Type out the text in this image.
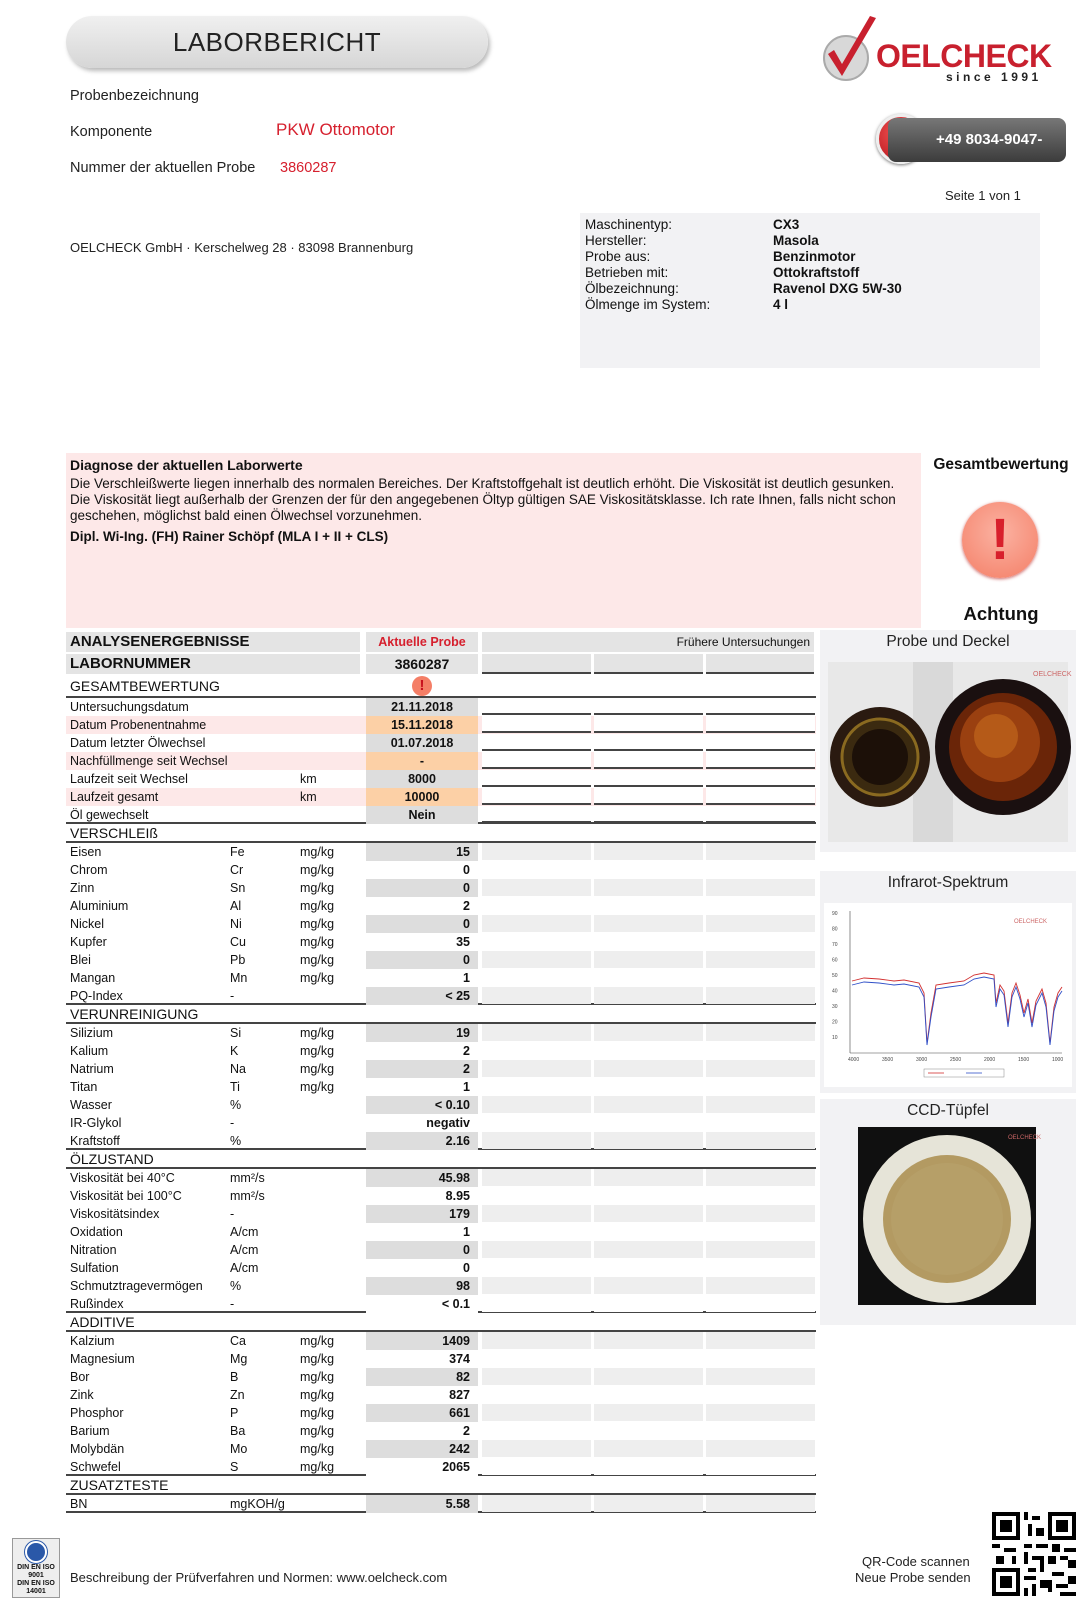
LABORBERICHT	OELCHECK
since 1991
+49 8034-9047-210
Seite 1 von 1
Probenbezeichnung
Komponente	PKW Ottomotor
Nummer der aktuellen Probe 3860287
OELCHECK GmbH · Kerschelweg 28 · 83098 Brannenburg
Maschinentyp:	CX3
Hersteller:	Masola
Probe aus:	Benzinmotor
Betrieben mit:	Ottokraftstoff
Ölbezeichnung:	Ravenol DXG 5W-30
Ölmenge im System:	4 l
Diagnose der aktuellen Laborwerte
Die Verschleißwerte liegen innerhalb des normalen Bereiches. Der Kraftstoffgehalt ist deutlich erhöht. Die Viskosität ist deutlich gesunken. Die Viskosität liegt außerhalb der Grenzen der für den angegebenen Öltyp gültigen SAE Viskositätsklasse. Ich rate Ihnen, falls nicht schon geschehen, möglichst bald einen Ölwechsel vorzunehmen.
Dipl. Wi-Ing. (FH) Rainer Schöpf (MLA I + II + CLS)
Gesamtbewertung
!
Achtung
ANALYSENERGEBNISSE	Aktuelle Probe	Frühere Untersuchungen
LABORNUMMER	3860287
GESAMTBEWERTUNG	!
Untersuchungsdatum	21.11.2018
Datum Probenentnahme	15.11.2018
Datum letzter Ölwechsel	01.07.2018
Nachfüllmenge seit Wechsel	-
Laufzeit seit Wechsel	km	8000
Laufzeit gesamt	km	10000
Öl gewechselt	Nein
VERSCHLEIß
Eisen	Fe	mg/kg	15
Chrom	Cr	mg/kg	0
Zinn	Sn	mg/kg	0
Aluminium	Al	mg/kg	2
Nickel	Ni	mg/kg	0
Kupfer	Cu	mg/kg	35
Blei	Pb	mg/kg	0
Mangan	Mn	mg/kg	1
PQ-Index	-	< 25
VERUNREINIGUNG
Silizium	Si	mg/kg	19
Kalium	K	mg/kg	2
Natrium	Na	mg/kg	2
Titan	Ti	mg/kg	1
Wasser	%	< 0.10
IR-Glykol	-	negativ
Kraftstoff	%	2.16
ÖLZUSTAND
Viskosität bei 40°C	mm²/s	45.98
Viskosität bei 100°C	mm²/s	8.95
Viskositätsindex	-	179
Oxidation	A/cm	1
Nitration	A/cm	0
Sulfation	A/cm	0
Schmutztragevermögen %	98
Rußindex	-	< 0.1
ADDITIVE
Kalzium	Ca	mg/kg	1409
Magnesium	Mg	mg/kg	374
Bor	B	mg/kg	82
Zink	Zn	mg/kg	827
Phosphor	P	mg/kg	661
Barium	Ba	mg/kg	2
Molybdän	Mo	mg/kg	242
Schwefel	S	mg/kg	2065
ZUSATZTESTE
BN	mgKOH/g	5.58
Probe und Deckel
OELCHECK
Infrarot-Spektrum
90
80
70
60
50
40
30
20
10
4000	3500	3000	2500	2000	1500	1000
OELCHECK
CCD-Tüpfel
OELCHECK
DIN EN ISO
9001
DIN EN ISO
14001
Beschreibung der Prüfverfahren und Normen: www.oelcheck.com
QR-Code scannen
Neue Probe senden
